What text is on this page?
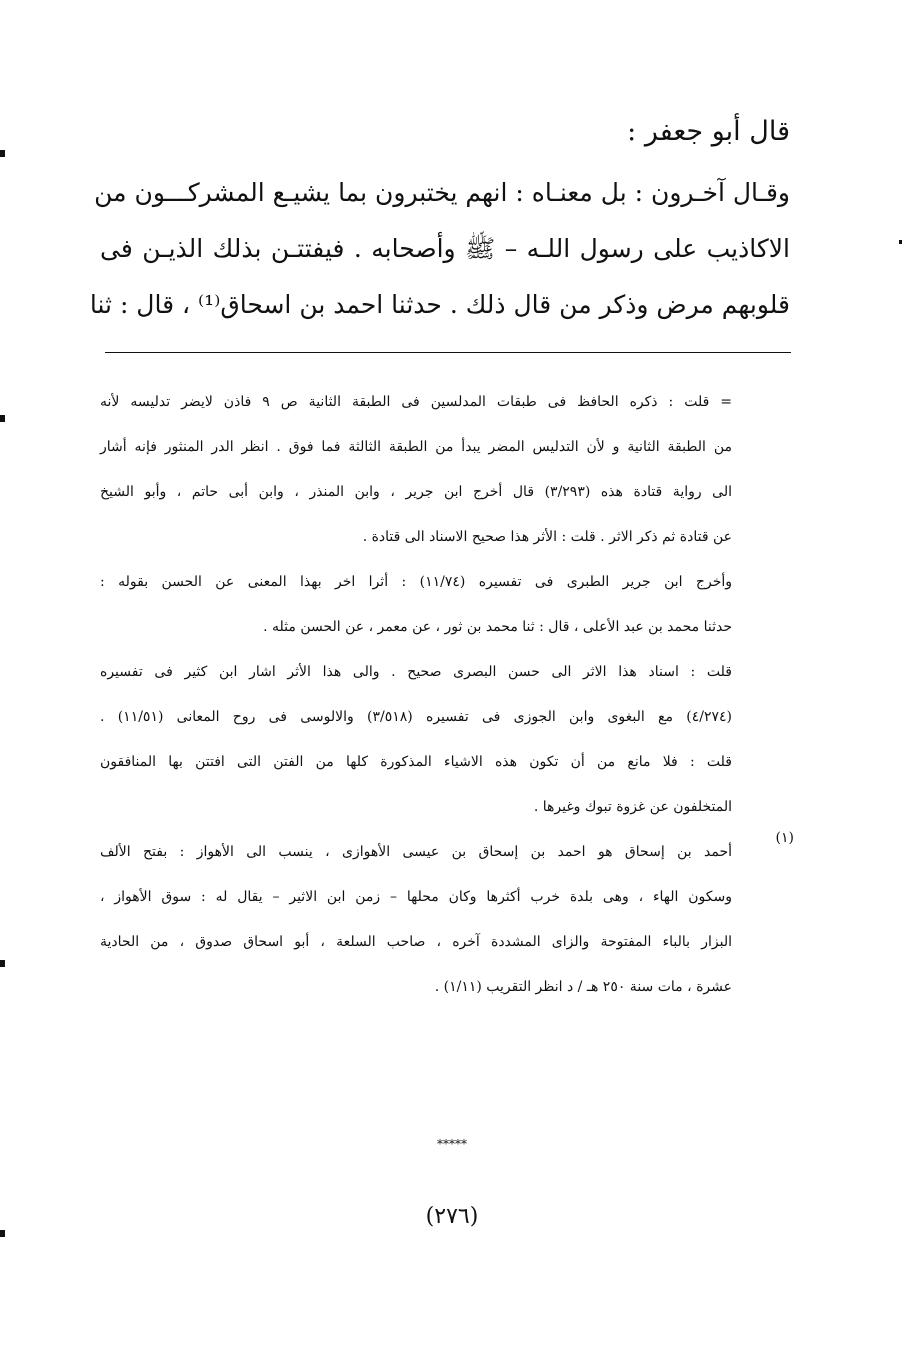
قال أبو جعفر :
وقـال آخـرون : بل معنـاه : انهم يختبرون بما يشيـع المشركـــون من
الاكاذيب على رسول اللـه – ﷺ وأصحابه . فيفتتـن بذلك الذيـن فى
قلوبهم مرض وذكر من قال ذلك . حدثنا احمد بن اسحاق⁽¹⁾ ، قال : ثنا
= قلت : ذكره الحافظ فى طبقات المدلسين فى الطبقة الثانية ص ٩ فاذن لايضر تدليسه لأنه
من الطبقة الثانية و لأن التدليس المضر يبدأ من الطبقة الثالثة فما فوق . انظر الدر المنثور فإنه أشار
الى رواية قتادة هذه (٣/٢٩٣) قال أخرج ابن جرير ، وابن المنذر ، وابن أبى حاتم ، وأبو الشيخ
عن قتادة ثم ذكر الاثر . قلت : الأثر هذا صحيح الاسناد الى قتادة .
وأخرج ابن جرير الطبرى فى تفسيره (١١/٧٤) : أثرا اخر بهذا المعنى عن الحسن بقوله :
حدثنا محمد بن عبد الأعلى ، قال : ثنا محمد بن ثور ، عن معمر ، عن الحسن مثله .
قلت : اسناد هذا الاثر الى حسن البصرى صحيح . والى هذا الأثر اشار ابن كثير فى تفسيره
(٤/٢٧٤) مع البغوى وابن الجوزى فى تفسيره (٣/٥١٨) والالوسى فى روح المعانى (١١/٥١) .
قلت : فلا مانع من أن تكون هذه الاشياء المذكورة كلها من الفتن التى افتتن بها المنافقون
المتخلفون عن غزوة تبوك وغيرها .
(١)
أحمد بن إسحاق هو احمد بن إسحاق بن عيسى الأهوازى ، ينسب الى الأهواز : بفتح الألف
وسكون الهاء ، وهى بلدة خرب أكثرها وكان محلها – زمن ابن الاثير – يقال له : سوق الأهواز ،
البزار بالباء المفتوحة والزاى المشددة آخره ، صاحب السلعة ، أبو اسحاق صدوق ، من الحادية
عشرة ، مات سنة ٢٥٠ هـ / د انظر التقريب (١/١١) .
*****
(٢٧٦)
